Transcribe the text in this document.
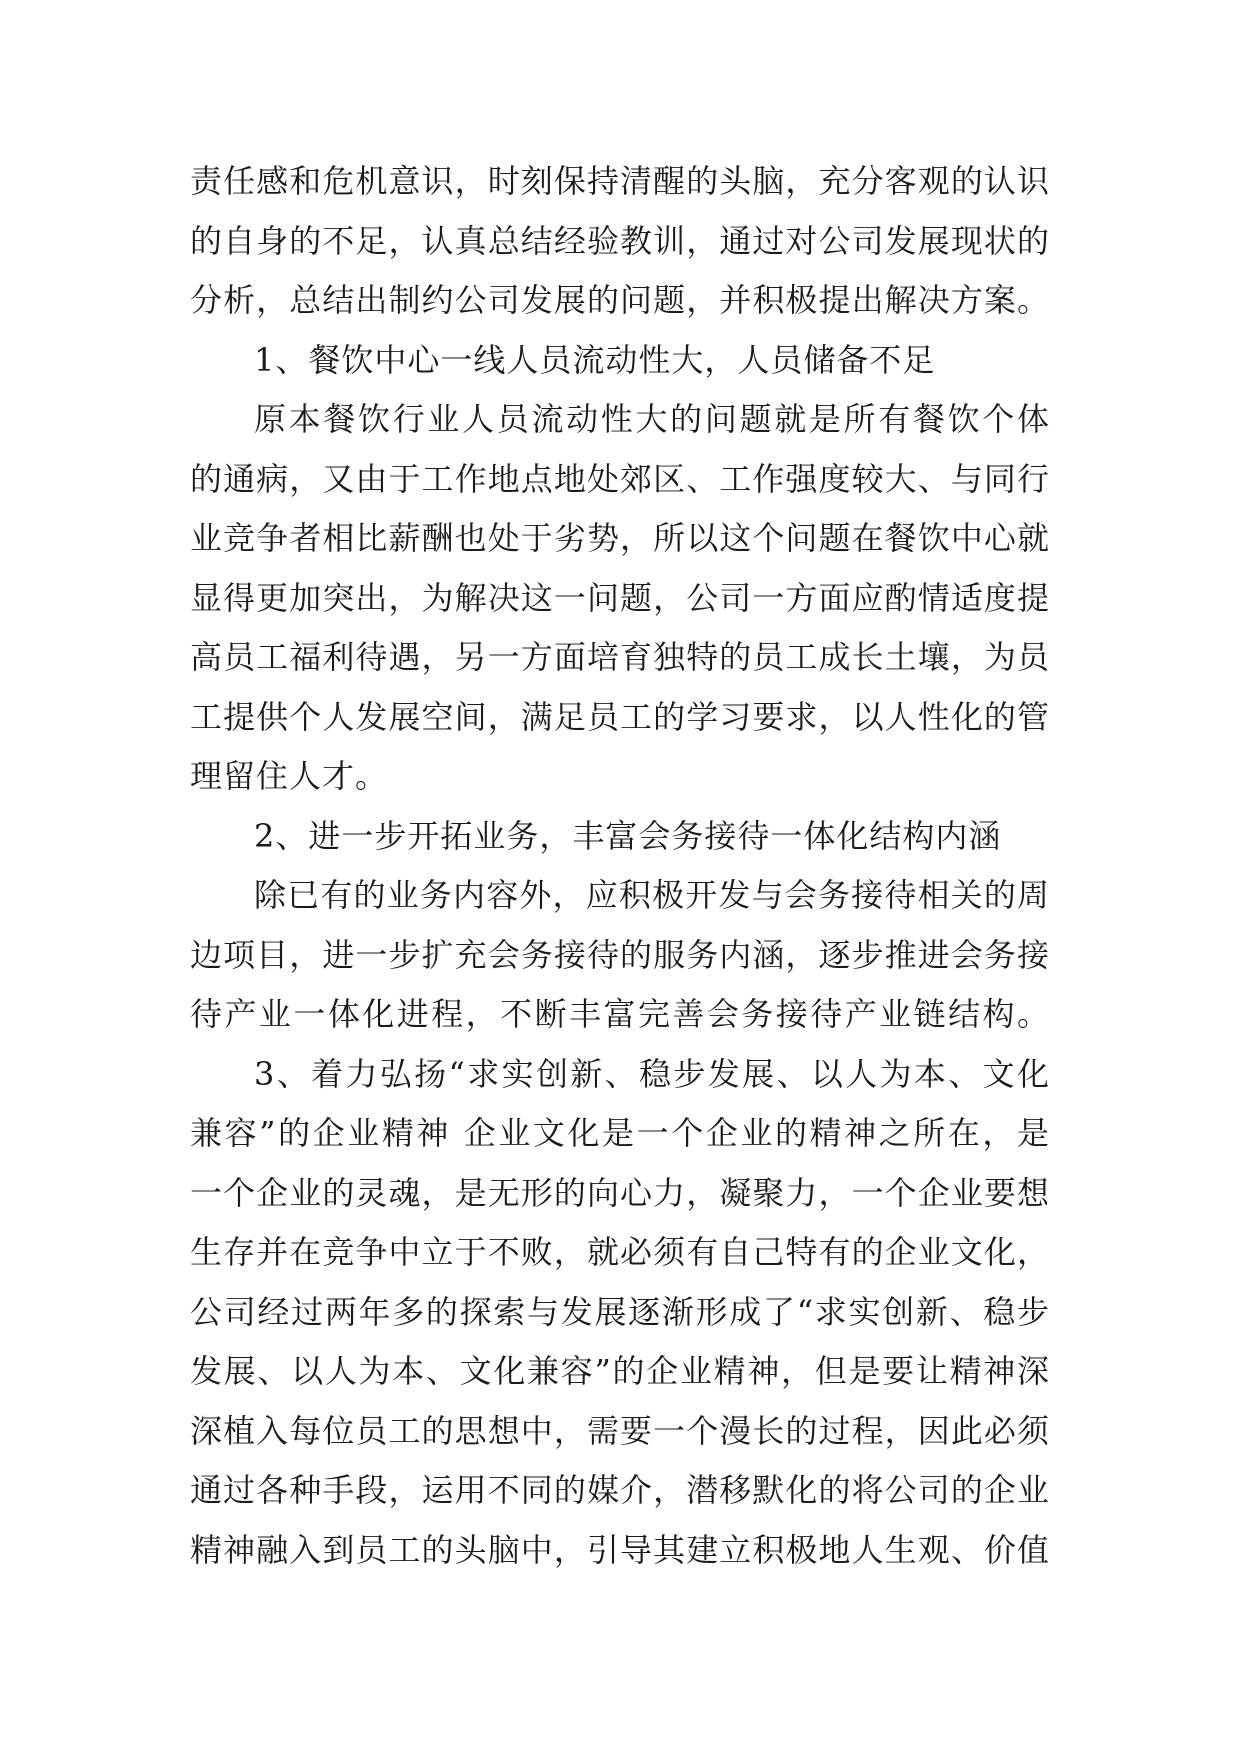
责任感和危机意识，时刻保持清醒的头脑，充分客观的认识
的自身的不足，认真总结经验教训，通过对公司发展现状的
分析，总结出制约公司发展的问题，并积极提出解决方案。
1、餐饮中心一线人员流动性大，人员储备不足
原本餐饮行业人员流动性大的问题就是所有餐饮个体
的通病，又由于工作地点地处郊区、工作强度较大、与同行
业竞争者相比薪酬也处于劣势，所以这个问题在餐饮中心就
显得更加突出，为解决这一问题，公司一方面应酌情适度提
高员工福利待遇，另一方面培育独特的员工成长土壤，为员
工提供个人发展空间，满足员工的学习要求，以人性化的管
理留住人才。
2、进一步开拓业务，丰富会务接待一体化结构内涵
除已有的业务内容外，应积极开发与会务接待相关的周
边项目，进一步扩充会务接待的服务内涵，逐步推进会务接
待产业一体化进程，不断丰富完善会务接待产业链结构。
3、着力弘扬“求实创新、稳步发展、以人为本、文化
兼容”的企业精神 企业文化是一个企业的精神之所在，是
一个企业的灵魂，是无形的向心力，凝聚力，一个企业要想
生存并在竞争中立于不败，就必须有自己特有的企业文化，
公司经过两年多的探索与发展逐渐形成了“求实创新、稳步
发展、以人为本、文化兼容”的企业精神，但是要让精神深
深植入每位员工的思想中，需要一个漫长的过程，因此必须
通过各种手段，运用不同的媒介，潜移默化的将公司的企业
精神融入到员工的头脑中，引导其建立积极地人生观、价值
